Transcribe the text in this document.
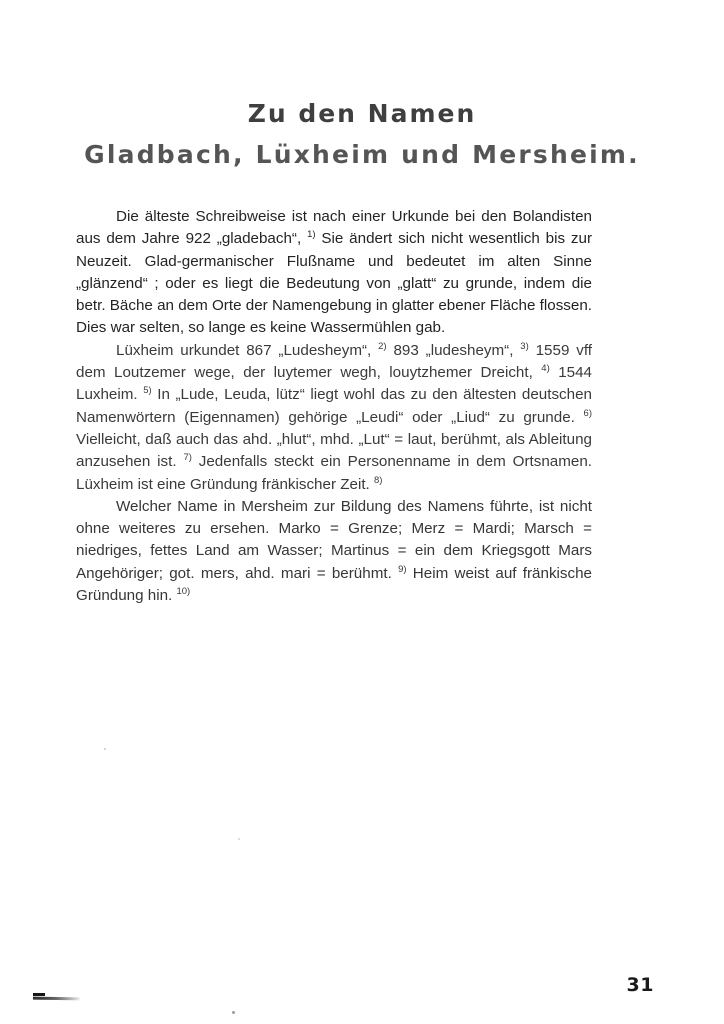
Zu den Namen
Gladbach, Lüxheim und Mersheim.

Die älteste Schreibweise ist nach einer Urkunde bei den Bolandisten aus dem Jahre 922 „gladebach“, $^{1)}$ Sie ändert sich nicht wesentlich bis zur Neuzeit. Glad-germanischer Flußname und bedeutet im alten Sinne „glänzend“ ; oder es liegt die Bedeutung von „glatt“ zu grunde, indem die betr. Bäche an dem Orte der Namengebung in glatter ebener Fläche flossen. Dies war selten, so lange es keine Wassermühlen gab.

Lüxheim urkundet 867 „Ludesheym“, $^{2)}$ 893 „ludesheym“, $^{3)}$ 1559 vff dem Loutzemer wege, der luytemer wegh, louytzhemer Dreicht, $^{4)}$ 1544 Luxheim. $^{5)}$ In „Lude, Leuda, lütz“ liegt wohl das zu den ältesten deutschen Namenwörtern (Eigennamen) gehörige „Leudi“ oder „Liud“ zu grunde. $^{6)}$ Vielleicht, daß auch das ahd. „hlut“, mhd. „Lut“ = laut, berühmt, als Ableitung anzusehen ist. $^{7)}$ Jedenfalls steckt ein Personenname in dem Ortsnamen. Lüxheim ist eine Gründung fränkischer Zeit. $^{8)}$

Welcher Name in Mersheim zur Bildung des Namens führte, ist nicht ohne weiteres zu ersehen. Marko = Grenze; Merz = Mardi; Marsch = niedriges, fettes Land am Wasser; Martinus = ein dem Kriegsgott Mars Angehöriger; got. mers, ahd. mari = berühmt. $^{9)}$ Heim weist auf fränkische Gründung hin. $^{10)}$

31
